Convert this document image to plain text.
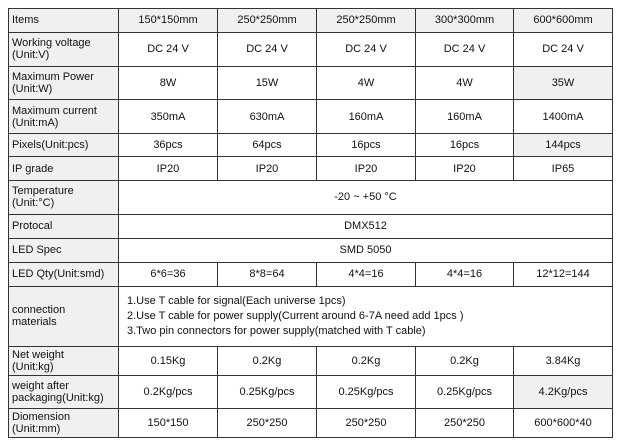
Items	150*150mm	250*250mm	250*250mm	300*300mm	600*600mm
Working voltage
(Unit:V)	DC 24 V	DC 24 V	DC 24 V	DC 24 V	DC 24 V
Maximum Power
(Unit:W)	8W	15W	4W	4W	35W
Maximum current
(Unit:mA)	350mA	630mA	160mA	160mA	1400mA
Pixels(Unit:pcs)	36pcs	64pcs	16pcs	16pcs	144pcs
IP grade	IP20	IP20	IP20	IP20	IP65
Temperature
(Unit:°C)	-20 ~ +50 °C				
Protocal	DMX512				
LED Spec	SMD 5050				
LED Qty(Unit:smd)	6*6=36	8*8=64	4*4=16	4*4=16	12*12=144
connection
materials	1.Use T cable for signal(Each universe 1pcs)
2.Use T cable for power supply(Current around 6-7A need add 1pcs )
3.Two pin connectors for power supply(matched with T cable)				

Net weight
(Unit:kg)	0.15Kg	0.2Kg	0.2Kg	0.2Kg	3.84Kg
weight after
packaging(Unit:kg)	0.2Kg/pcs	0.25Kg/pcs	0.25Kg/pcs	0.25Kg/pcs	4.2Kg/pcs
Diomension
(Unit:mm)	150*150	250*250	250*250	250*250	600*600*40
